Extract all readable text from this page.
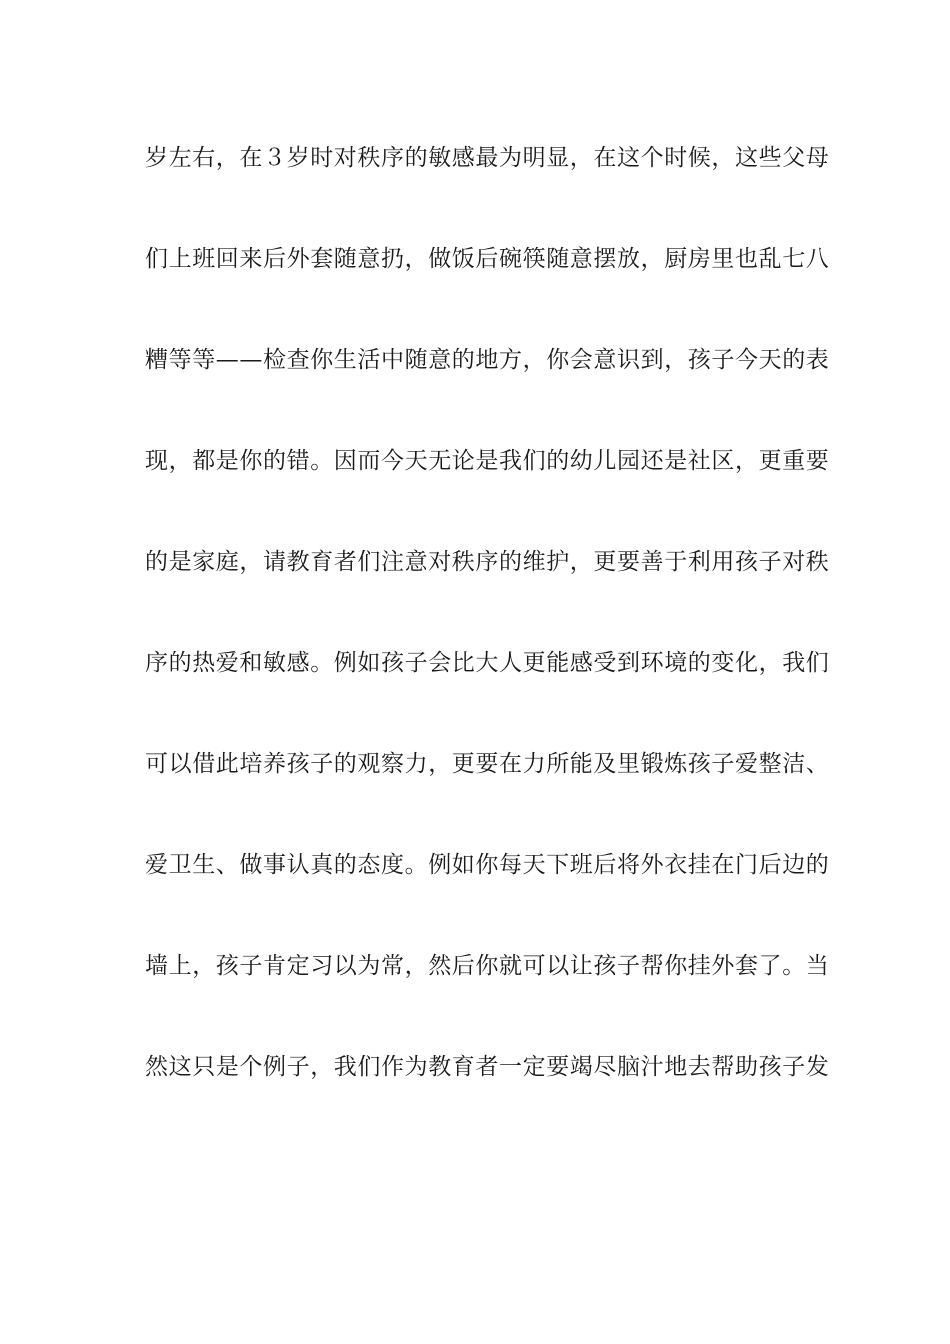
岁左右，在３岁时对秩序的敏感最为明显，在这个时候，这些父母
们上班回来后外套随意扔，做饭后碗筷随意摆放，厨房里也乱七八
糟等等——检查你生活中随意的地方，你会意识到，孩子今天的表
现，都是你的错。因而今天无论是我们的幼儿园还是社区，更重要
的是家庭，请教育者们注意对秩序的维护，更要善于利用孩子对秩
序的热爱和敏感。例如孩子会比大人更能感受到环境的变化，我们
可以借此培养孩子的观察力，更要在力所能及里锻炼孩子爱整洁、
爱卫生、做事认真的态度。例如你每天下班后将外衣挂在门后边的
墙上，孩子肯定习以为常，然后你就可以让孩子帮你挂外套了。当
然这只是个例子，我们作为教育者一定要竭尽脑汁地去帮助孩子发
